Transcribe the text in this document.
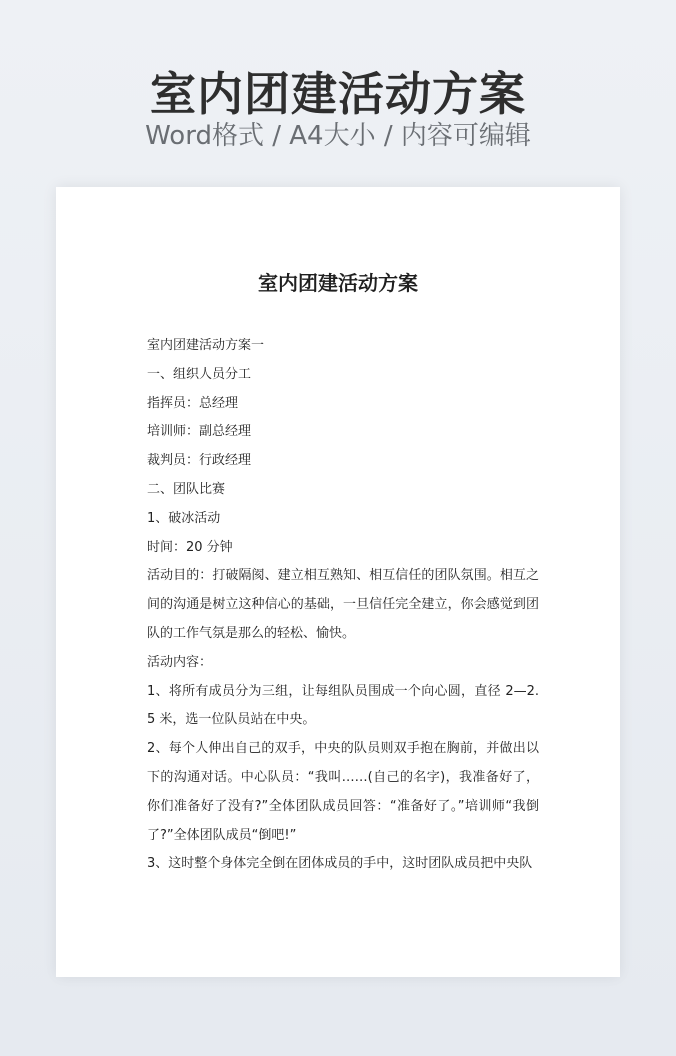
室内团建活动方案
Word格式 / A4大小 / 内容可编辑
室内团建活动方案

室内团建活动方案一

一、组织人员分工

指挥员：总经理

培训师：副总经理

裁判员：行政经理

二、团队比赛

1、破冰活动

时间：20 分钟

活动目的：打破隔阂、建立相互熟知、相互信任的团队氛围。相互之间的沟通是树立这种信心的基础，一旦信任完全建立，你会感觉到团队的工作气氛是那么的轻松、愉快。

活动内容：

1、将所有成员分为三组，让每组队员围成一个向心圆，直径 2—2.5 米，选一位队员站在中央。

2、每个人伸出自己的双手，中央的队员则双手抱在胸前，并做出以下的沟通对话。中心队员：“我叫……(自己的名字)，我准备好了，你们准备好了没有?”全体团队成员回答：“准备好了。”培训师“我倒了?”全体团队成员“倒吧!”

3、这时整个身体完全倒在团体成员的手中，这时团队成员把中央队
